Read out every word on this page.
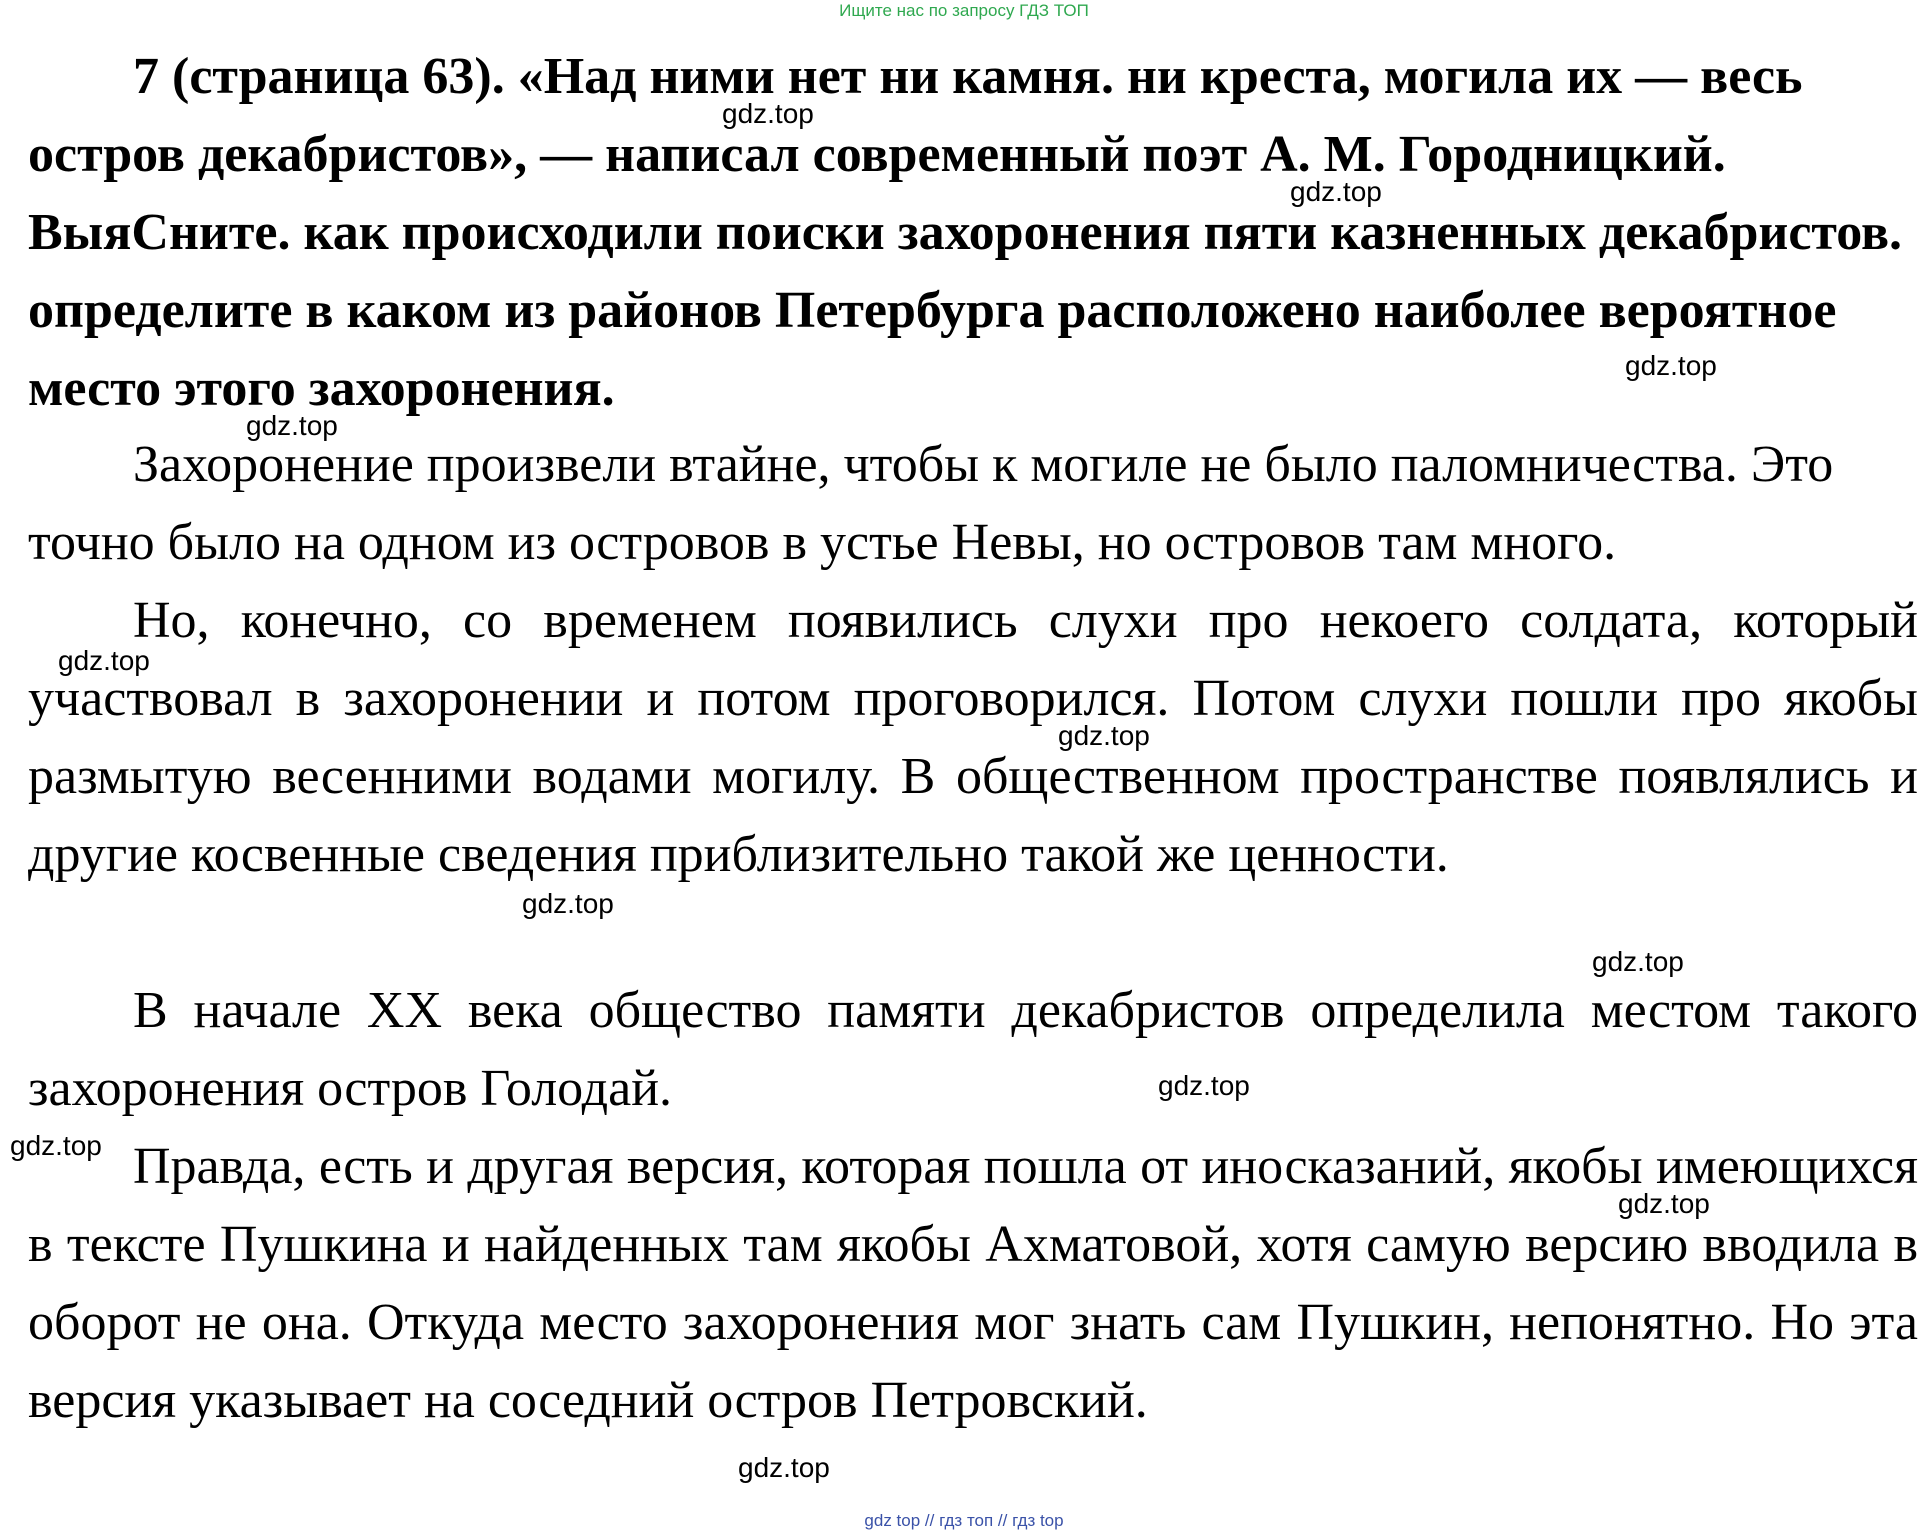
Ищите нас по запросу ГДЗ ТОП

7 (страница 63). «Над ними нет ни камня. ни креста, могила их — весь остров декабристов», — написал современный поэт А. М. Городницкий. ВыяСните. как происходили поиски захоронения пяти казненных декабристов. определите в каком из районов Петербурга расположено наиболее вероятное место этого захоронения.

Захоронение произвели втайне, чтобы к могиле не было паломничества. Это точно было на одном из островов в устье Невы, но островов там много.

Но, конечно, со временем появились слухи про некоего солдата, который участвовал в захоронении и потом проговорился. Потом слухи пошли про якобы размытую весенними водами могилу. В общественном пространстве появлялись и другие косвенные сведения приблизительно такой же ценности.

В начале XX века общество памяти декабристов определила местом такого захоронения остров Голодай.

Правда, есть и другая версия, которая пошла от иносказаний, якобы имеющихся в тексте Пушкина и найденных там якобы Ахматовой, хотя самую версию вводила в оборот не она. Откуда место захоронения мог знать сам Пушкин, непонятно. Но эта версия указывает на соседний остров Петровский.

gdz.top
gdz.top
gdz.top
gdz.top
gdz.top
gdz.top
gdz.top
gdz.top
gdz.top
gdz.top
gdz.top
gdz.top
gdz top // гдз топ // гдз top
